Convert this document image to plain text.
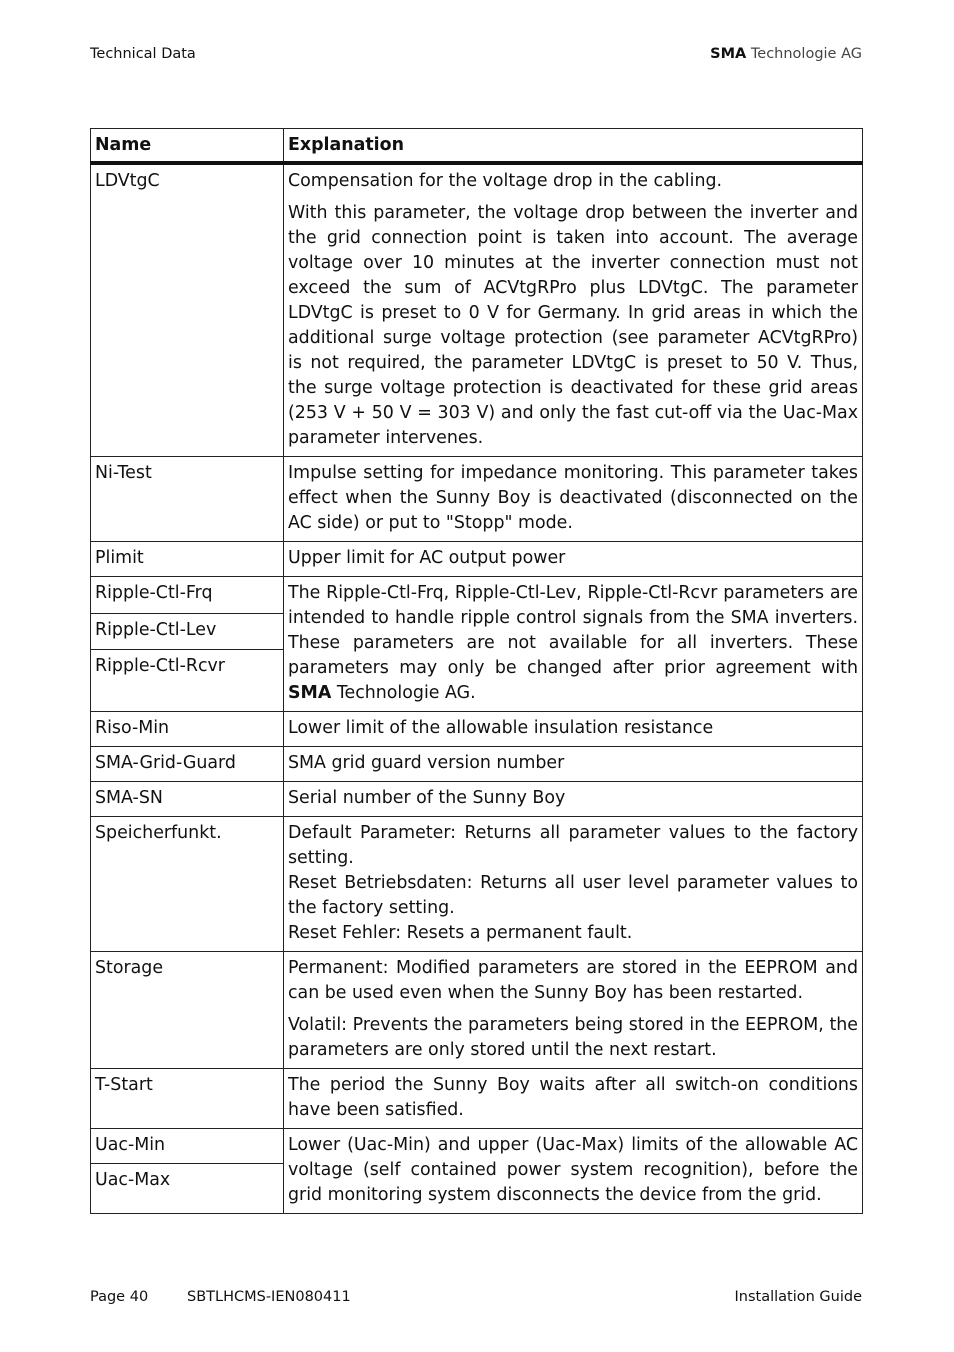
Technical Data	SMA Technologie AG
Name	Explanation
LDVtgC	Compensation for the voltage drop in the cabling.

With this parameter, the voltage drop between the inverter and the grid connection point is taken into account. The average voltage over 10 minutes at the inverter connection must not exceed the sum of ACVtgRPro plus LDVtgC. The parameter LDVtgC is preset to 0 V for Germany. In grid areas in which the additional surge voltage protection (see parameter ACVtgRPro) is not required, the parameter LDVtgC is preset to 50 V. Thus, the surge voltage protection is deactivated for these grid areas (253 V + 50 V = 303 V) and only the fast cut-off via the Uac-Max parameter intervenes.

Ni-Test	Impulse setting for impedance monitoring. This parameter takes effect when the Sunny Boy is deactivated (disconnected on the AC side) or put to "Stopp" mode.
Plimit	Upper limit for AC output power
Ripple-Ctl-Frq	The Ripple-Ctl-Frq, Ripple-Ctl-Lev, Ripple-Ctl-Rcvr parameters are intended to handle ripple control signals from the SMA inverters. These parameters are not available for all inverters. These parameters may only be changed after prior agreement with SMA Technologie AG.
Ripple-Ctl-Lev	
Ripple-Ctl-Rcvr	
Riso-Min	Lower limit of the allowable insulation resistance
SMA-Grid-Guard	SMA grid guard version number
SMA-SN	Serial number of the Sunny Boy
Speicherfunkt.	Default Parameter: Returns all parameter values to the factory setting.
Reset Betriebsdaten: Returns all user level parameter values to the factory setting.
Reset Fehler: Resets a permanent fault.

Storage	Permanent: Modified parameters are stored in the EEPROM and can be used even when the Sunny Boy has been restarted.

Volatil: Prevents the parameters being stored in the EEPROM, the parameters are only stored until the next restart.

T-Start	The period the Sunny Boy waits after all switch-on conditions have been satisfied.
Uac-Min	Lower (Uac-Min) and upper (Uac-Max) limits of the allowable AC voltage (self contained power system recognition), before the grid monitoring system disconnects the device from the grid.
Uac-Max	
Page 40	SBTLHCMS-IEN080411	Installation Guide
